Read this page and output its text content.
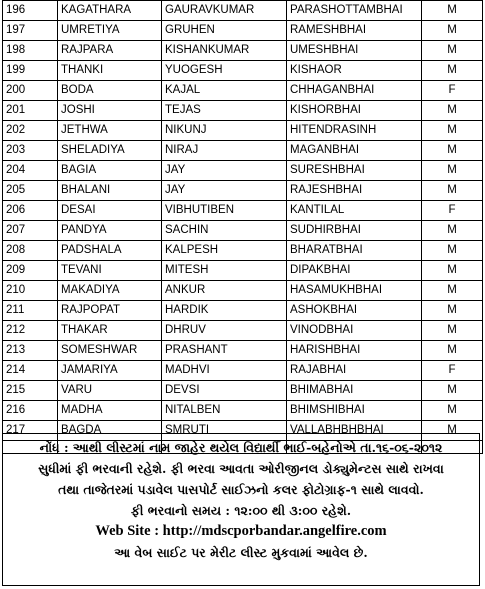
196	KAGATHARA	GAURAVKUMAR	PARASHOTTAMBHAI	M
197	UMRETIYA	GRUHEN	RAMESHBHAI	M
198	RAJPARA	KISHANKUMAR	UMESHBHAI	M
199	THANKI	YUOGESH	KISHAOR	M
200	BODA	KAJAL	CHHAGANBHAI	F
201	JOSHI	TEJAS	KISHORBHAI	M
202	JETHWA	NIKUNJ	HITENDRASINH	M
203	SHELADIYA	NIRAJ	MAGANBHAI	M
204	BAGIA	JAY	SURESHBHAI	M
205	BHALANI	JAY	RAJESHBHAI	M
206	DESAI	VIBHUTIBEN	KANTILAL	F
207	PANDYA	SACHIN	SUDHIRBHAI	M
208	PADSHALA	KALPESH	BHARATBHAI	M
209	TEVANI	MITESH	DIPAKBHAI	M
210	MAKADIYA	ANKUR	HASAMUKHBHAI	M
211	RAJPOPAT	HARDIK	ASHOKBHAI	M
212	THAKAR	DHRUV	VINODBHAI	M
213	SOMESHWAR	PRASHANT	HARISHBHAI	M
214	JAMARIYA	MADHVI	RAJABHAI	F
215	VARU	DEVSI	BHIMABHAI	M
216	MADHA	NITALBEN	BHIMSHIBHAI	M
217	BAGDA	SMRUTI	VALLABHBHBHAI	M

નોંધ : આથી લીસ્ટમાં નામ જાહેર થયેલ વિદ્યાર્થી ભાઈ-બહેનોએ તા.૧૬-૦૬-૨૦૧૨
સુધીમાં ફી ભરવાની રહેશે. ફી ભરવા આવતા ઓરીજીનલ ડોક્યુમેન્ટસ સાથે રાખવા
તથા તાજેતરમાં પડાવેલ પાસપોર્ટ સાઈઝનો કલર ફોટોગ્રાફ-૧ સાથે લાવવો.
ફી ભરવાનો સમય : ૧૨:૦૦ થી ૩:૦૦ રહેશે.
Web Site : http://mdscporbandar.angelfire.com
આ વેબ સાઈટ પર મેરીટ લીસ્ટ મુકવામાં આવેલ છે.
